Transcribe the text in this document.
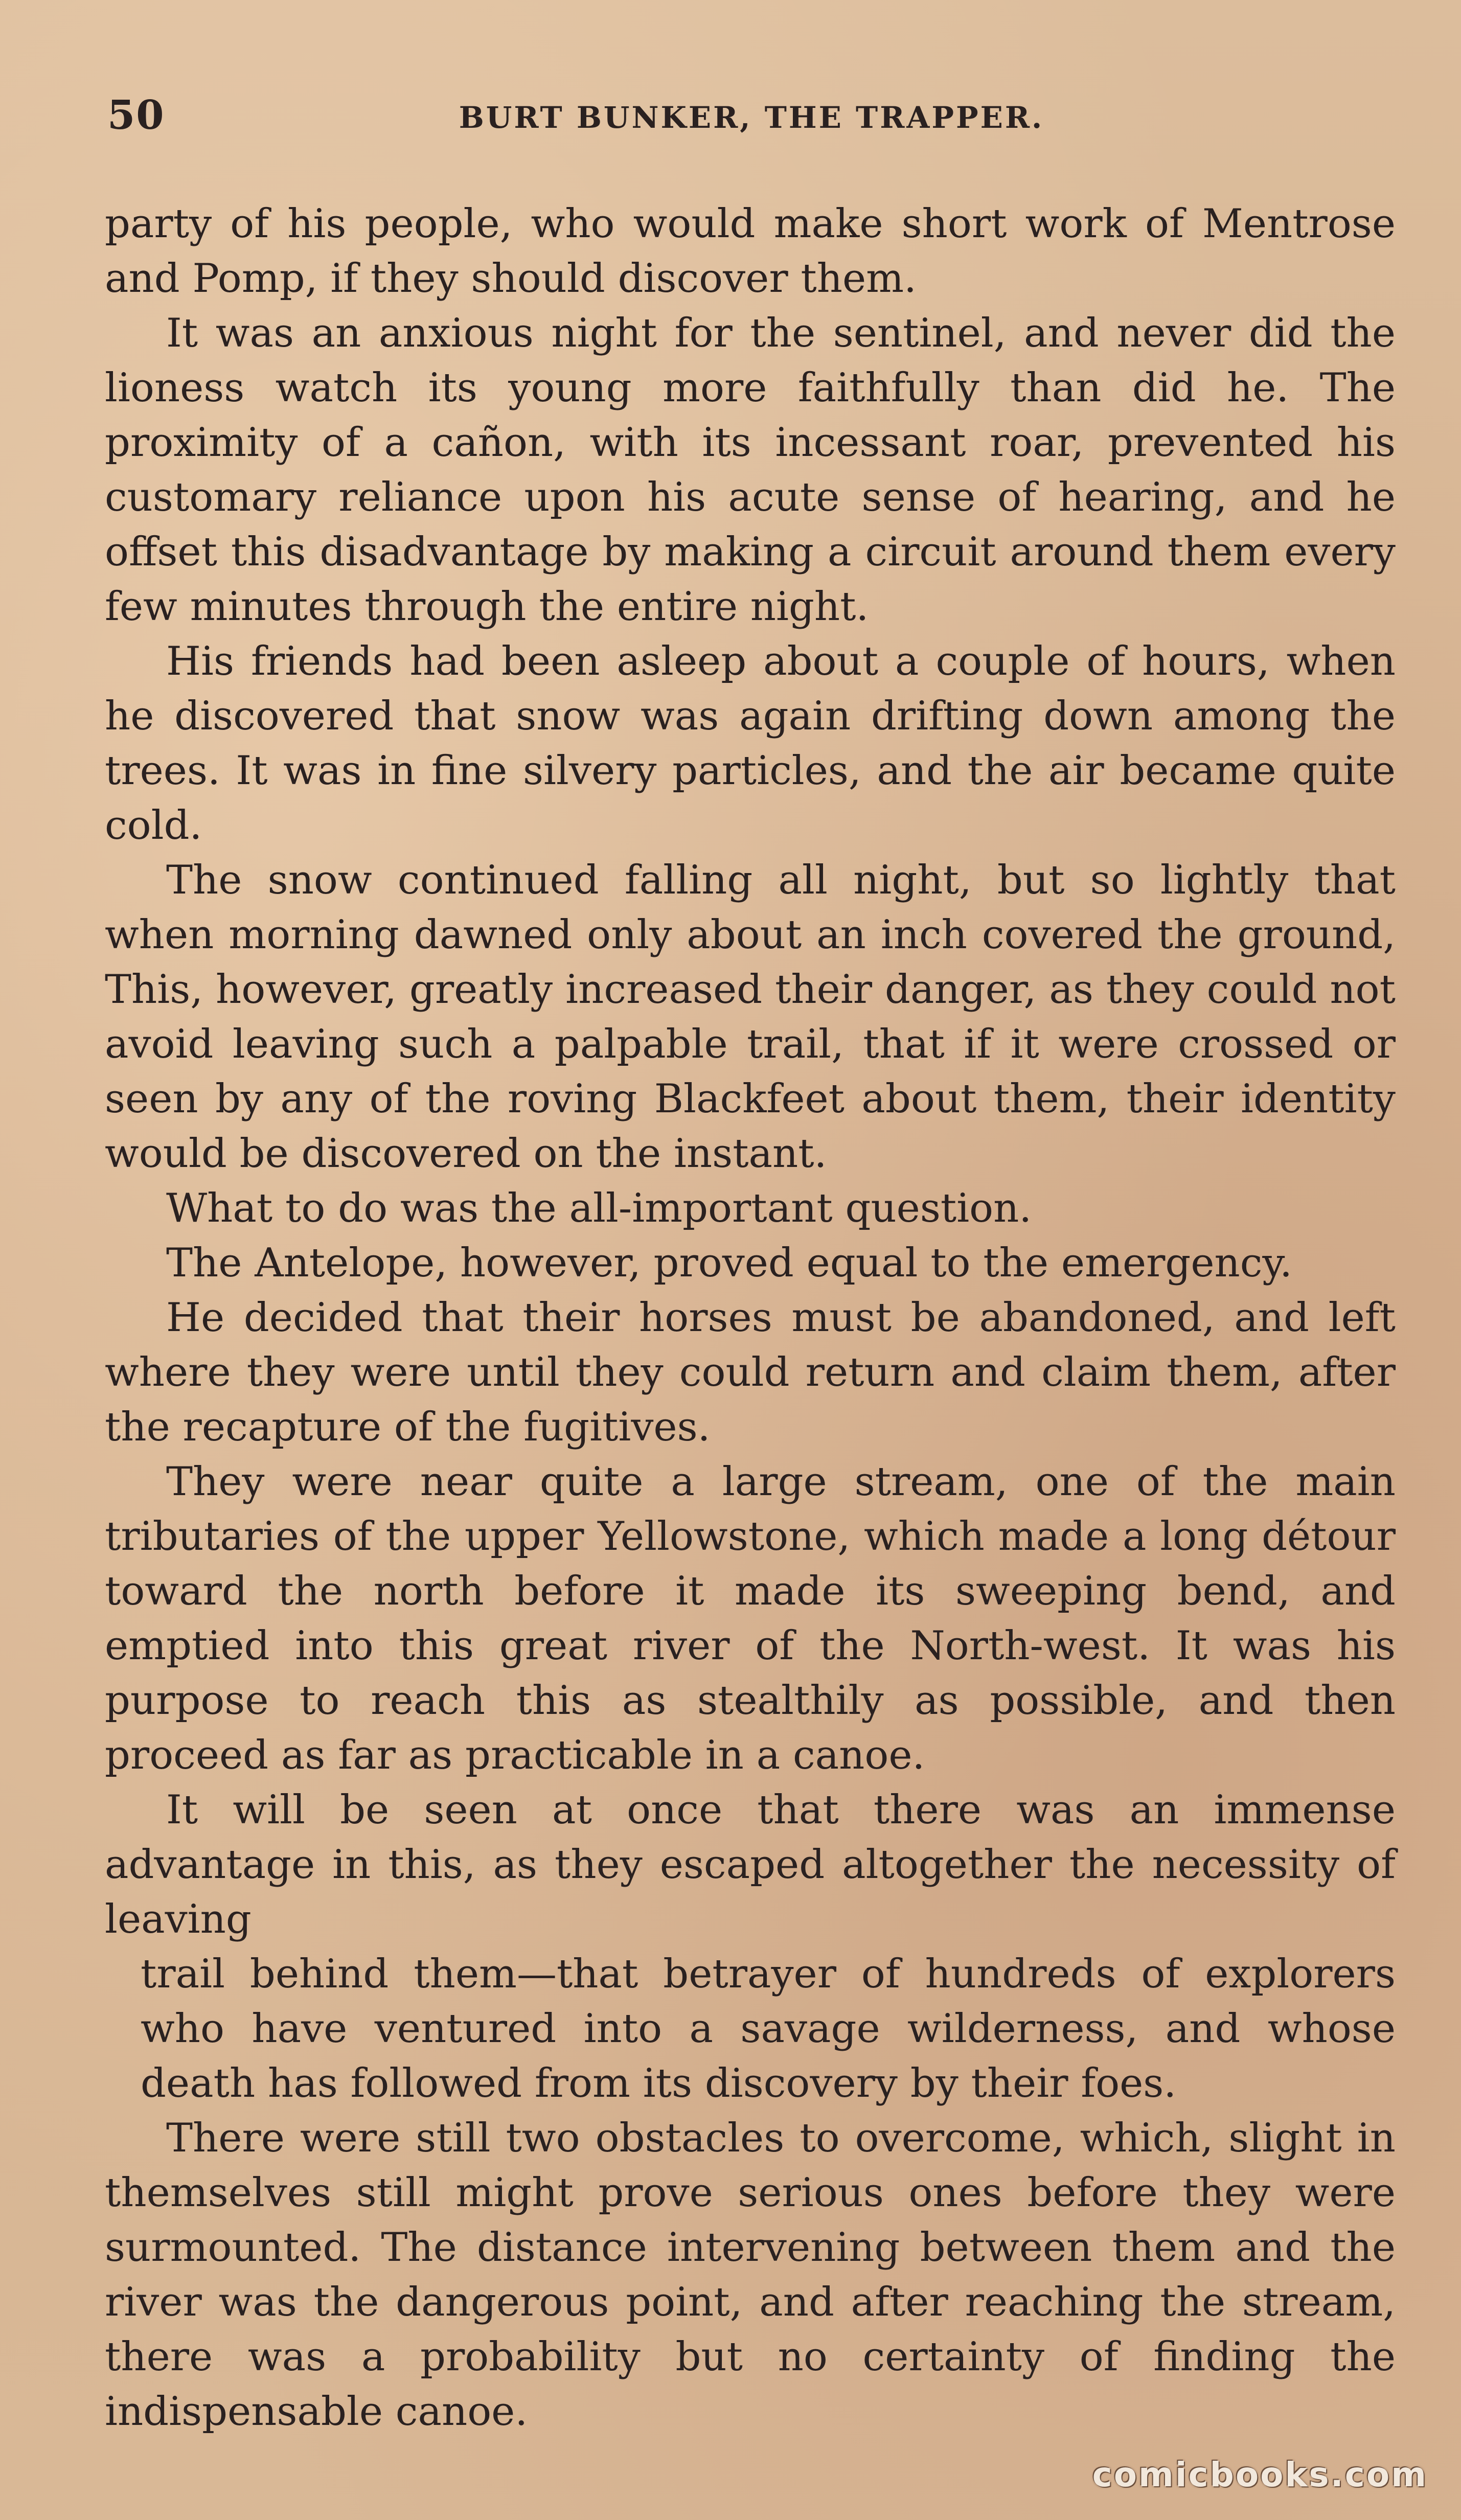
50	BURT BUNKER, THE TRAPPER.

party of his people, who would make short work of Mentrose and Pomp, if they should discover them.

It was an anxious night for the sentinel, and never did the lioness watch its young more faithfully than did he. The proximity of a cañon, with its incessant roar, prevented his customary reliance upon his acute sense of hearing, and he offset this disadvantage by making a circuit around them every few minutes through the entire night.

His friends had been asleep about a couple of hours, when he discovered that snow was again drifting down among the trees. It was in fine silvery particles, and the air became quite cold.

The snow continued falling all night, but so lightly that when morning dawned only about an inch covered the ground, This, however, greatly increased their danger, as they could not avoid leaving such a palpable trail, that if it were crossed or seen by any of the roving Blackfeet about them, their identity would be discovered on the instant.

What to do was the all-important question.

The Antelope, however, proved equal to the emergency.

He decided that their horses must be abandoned, and left where they were until they could return and claim them, after the recapture of the fugitives.

They were near quite a large stream, one of the main tributaries of the upper Yellowstone, which made a long détour toward the north before it made its sweeping bend, and emptied into this great river of the North-west. It was his purpose to reach this as stealthily as possible, and then proceed as far as practicable in a canoe.

It will be seen at once that there was an immense advantage in this, as they escaped altogether the necessity of leaving

trail behind them—that betrayer of hundreds of explorers who have ventured into a savage wilderness, and whose death has followed from its discovery by their foes.

There were still two obstacles to overcome, which, slight in themselves still might prove serious ones before they were surmounted. The distance intervening between them and the river was the dangerous point, and after reaching the stream, there was a probability but no certainty of finding the indispensable canoe.

comicbooks.com
